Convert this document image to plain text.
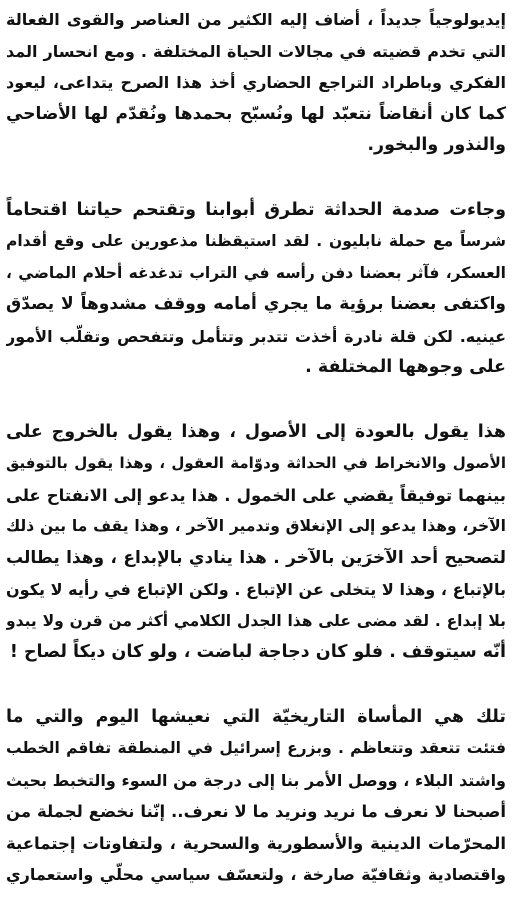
إيديولوجياً جديداً ، أضاف إليه الكثير من العناصر والقوى الفعالة
التي تخدم قضيته في مجالات الحياة المختلفة . ومع انحسار المد
الفكري وباطراد التراجع الحضاري أخذ هذا الصرح يتداعى، ليعود
كما كان أنقاضاً نتعبّد لها ونُسبّح بحمدها ونُقدّم لها الأضاحي
والنذور والبخور.
وجاءت صدمة الحداثة تطرق أبوابنا وتقتحم حياتنا اقتحاماً
شرساً مع حملة نابليون . لقد استيقظنا مذعورين على وقع أقدام
العسكر، فآثر بعضنا دفن رأسه في التراب تدغدغه أحلام الماضي ،
واكتفى بعضنا برؤية ما يجري أمامه ووقف مشدوهاً لا يصدّق
عينيه. لكن قلة نادرة أخذت تتدبر وتتأمل وتتفحص وتقلّب الأمور
على وجوهها المختلفة .
هذا يقول بالعودة إلى الأصول ، وهذا يقول بالخروج على
الأصول والانخراط في الحداثة ودوّامة العقول ، وهذا يقول بالتوفيق
بينهما توفيقاً يقضي على الخمول . هذا يدعو إلى الانفتاح على
الآخر، وهذا يدعو إلى الإنغلاق وتدمير الآخر ، وهذا يقف ما بين ذلك
لتصحيح أحد الآخرَين بالآخر . هذا ينادي بالإبداع ، وهذا يطالب
بالإتباع ، وهذا لا يتخلى عن الإتباع . ولكن الإتباع في رأيه لا يكون
بلا إبداع . لقد مضى على هذا الجدل الكلامي أكثر من قرن ولا يبدو
أنّه سيتوقف . فلو كان دجاجة لباضت ، ولو كان ديكاً لصاح !
تلك هي المأساة التاريخيّة التي نعيشها اليوم والتي ما
فتئت تتعقد وتتعاظم . وبزرع إسرائيل في المنطقة تفاقم الخطب
واشتد البلاء ، ووصل الأمر بنا إلى درجة من السوء والتخبط بحيث
أصبحنا لا نعرف ما نريد ونريد ما لا نعرف.. إنّنا نخضع لجملة من
المحرّمات الدينية والأسطورية والسحرية ، ولتفاوتات إجتماعية
واقتصادية وثقافيّة صارخة ، ولتعسّف سياسي محلّي واستعماري
